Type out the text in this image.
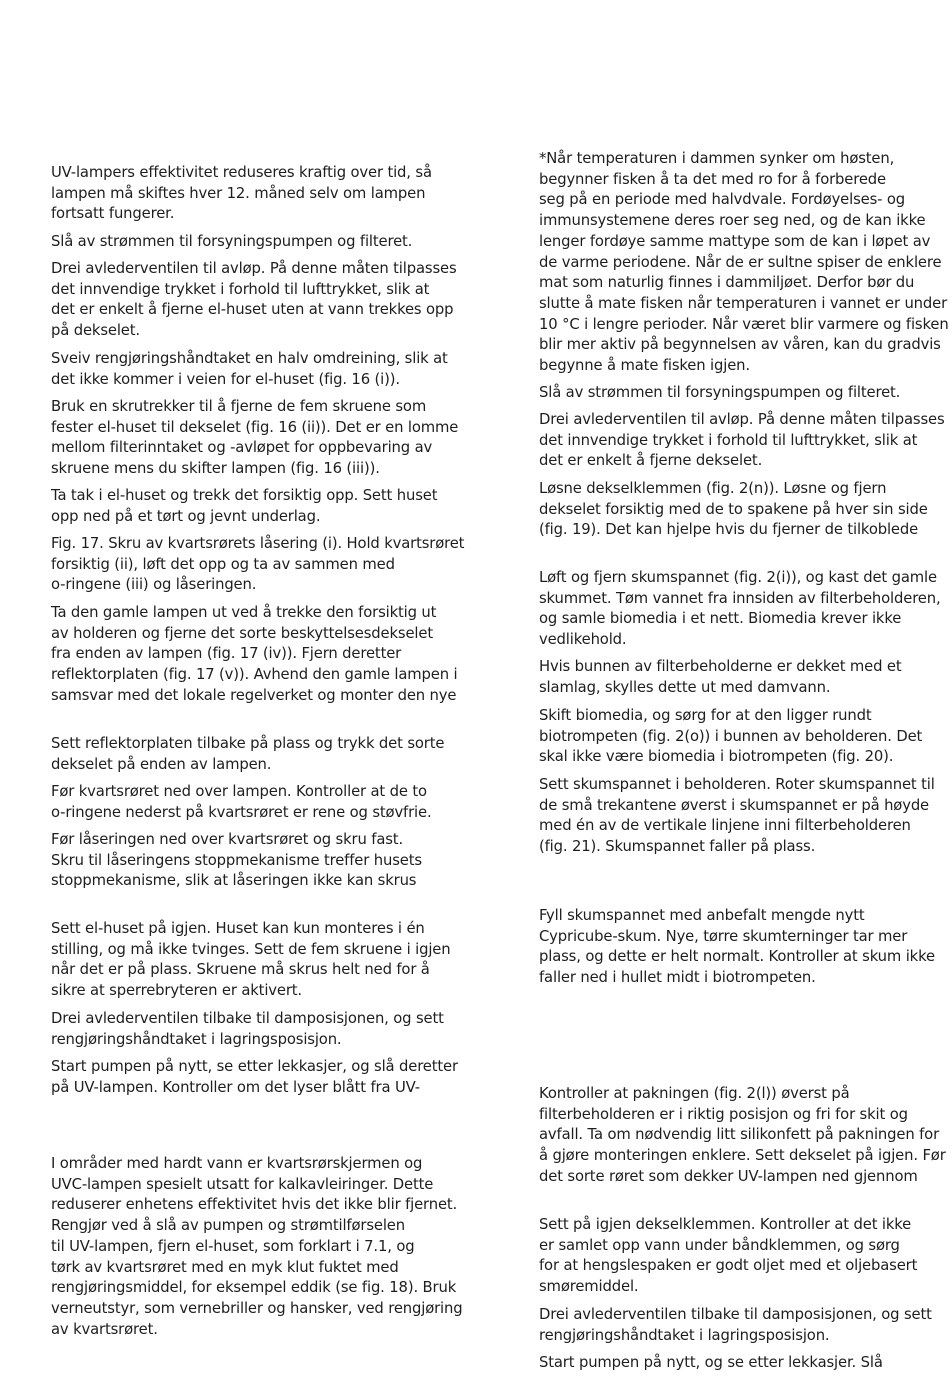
UV-lampers effektivitet reduseres kraftig over tid, så
lampen må skiftes hver 12. måned selv om lampen
fortsatt fungerer.

Slå av strømmen til forsyningspumpen og filteret.

Drei avlederventilen til avløp. På denne måten tilpasses
det innvendige trykket i forhold til lufttrykket, slik at
det er enkelt å fjerne el-huset uten at vann trekkes opp
på dekselet.

Sveiv rengjøringshåndtaket en halv omdreining, slik at
det ikke kommer i veien for el-huset (fig. 16 (i)).

Bruk en skrutrekker til å fjerne de fem skruene som
fester el-huset til dekselet (fig. 16 (ii)). Det er en lomme
mellom filterinntaket og -avløpet for oppbevaring av
skruene mens du skifter lampen (fig. 16 (iii)).

Ta tak i el-huset og trekk det forsiktig opp. Sett huset
opp ned på et tørt og jevnt underlag.

Fig. 17. Skru av kvartsrørets låsering (i). Hold kvartsrøret
forsiktig (ii), løft det opp og ta av sammen med
o-ringene (iii) og låseringen.

Ta den gamle lampen ut ved å trekke den forsiktig ut
av holderen og fjerne det sorte beskyttelsesdekselet
fra enden av lampen (fig. 17 (iv)). Fjern deretter
reflektorplaten (fig. 17 (v)). Avhend den gamle lampen i
samsvar med det lokale regelverket og monter den nye

Sett reflektorplaten tilbake på plass og trykk det sorte
dekselet på enden av lampen.

Før kvartsrøret ned over lampen. Kontroller at de to
o-ringene nederst på kvartsrøret er rene og støvfrie.

Før låseringen ned over kvartsrøret og skru fast.
Skru til låseringens stoppmekanisme treffer husets
stoppmekanisme, slik at låseringen ikke kan skrus

Sett el-huset på igjen. Huset kan kun monteres i én
stilling, og må ikke tvinges. Sett de fem skruene i igjen
når det er på plass. Skruene må skrus helt ned for å
sikre at sperrebryteren er aktivert.

Drei avlederventilen tilbake til damposisjonen, og sett
rengjøringshåndtaket i lagringsposisjon.

Start pumpen på nytt, se etter lekkasjer, og slå deretter
på UV-lampen. Kontroller om det lyser blått fra UV-

I områder med hardt vann er kvartsrørskjermen og
UVC-lampen spesielt utsatt for kalkavleiringer. Dette
reduserer enhetens effektivitet hvis det ikke blir fjernet.
Rengjør ved å slå av pumpen og strømtilførselen
til UV-lampen, fjern el-huset, som forklart i 7.1, og
tørk av kvartsrøret med en myk klut fuktet med
rengjøringsmiddel, for eksempel eddik (se fig. 18). Bruk
verneutstyr, som vernebriller og hansker, ved rengjøring
av kvartsrøret.

*Når temperaturen i dammen synker om høsten,
begynner fisken å ta det med ro for å forberede
seg på en periode med halvdvale. Fordøyelses- og
immunsystemene deres roer seg ned, og de kan ikke
lenger fordøye samme mattype som de kan i løpet av
de varme periodene. Når de er sultne spiser de enklere
mat som naturlig finnes i dammiljøet. Derfor bør du
slutte å mate fisken når temperaturen i vannet er under
10 °C i lengre perioder. Når været blir varmere og fisken
blir mer aktiv på begynnelsen av våren, kan du gradvis
begynne å mate fisken igjen.

Slå av strømmen til forsyningspumpen og filteret.

Drei avlederventilen til avløp. På denne måten tilpasses
det innvendige trykket i forhold til lufttrykket, slik at
det er enkelt å fjerne dekselet.

Løsne dekselklemmen (fig. 2(n)). Løsne og fjern
dekselet forsiktig med de to spakene på hver sin side
(fig. 19). Det kan hjelpe hvis du fjerner de tilkoblede

Løft og fjern skumspannet (fig. 2(i)), og kast det gamle
skummet. Tøm vannet fra innsiden av filterbeholderen,
og samle biomedia i et nett. Biomedia krever ikke
vedlikehold.

Hvis bunnen av filterbeholderne er dekket med et
slamlag, skylles dette ut med damvann.

Skift biomedia, og sørg for at den ligger rundt
biotrompeten (fig. 2(o)) i bunnen av beholderen. Det
skal ikke være biomedia i biotrompeten (fig. 20).

Sett skumspannet i beholderen. Roter skumspannet til
de små trekantene øverst i skumspannet er på høyde
med én av de vertikale linjene inni filterbeholderen
(fig. 21). Skumspannet faller på plass.

Fyll skumspannet med anbefalt mengde nytt
Cypricube-skum. Nye, tørre skumterninger tar mer
plass, og dette er helt normalt. Kontroller at skum ikke
faller ned i hullet midt i biotrompeten.

Kontroller at pakningen (fig. 2(l)) øverst på
filterbeholderen er i riktig posisjon og fri for skit og
avfall. Ta om nødvendig litt silikonfett på pakningen for
å gjøre monteringen enklere. Sett dekselet på igjen. Før
det sorte røret som dekker UV-lampen ned gjennom

Sett på igjen dekselklemmen. Kontroller at det ikke
er samlet opp vann under båndklemmen, og sørg
for at hengslespaken er godt oljet med et oljebasert
smøremiddel.

Drei avlederventilen tilbake til damposisjonen, og sett
rengjøringshåndtaket i lagringsposisjon.

Start pumpen på nytt, og se etter lekkasjer. Slå
